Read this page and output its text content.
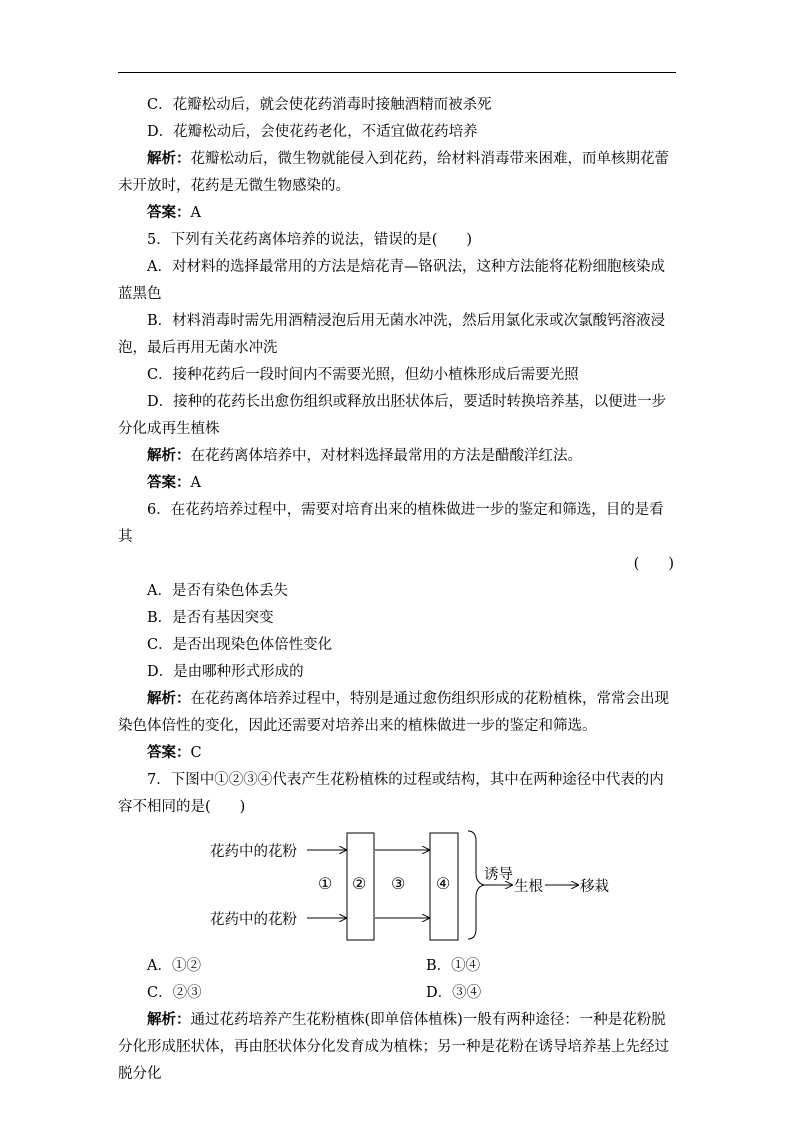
C．花瓣松动后，就会使花药消毒时接触酒精而被杀死

D．花瓣松动后，会使花药老化，不适宜做花药培养

解析：花瓣松动后，微生物就能侵入到花药，给材料消毒带来困难，而单核期花蕾未开放时，花药是无微生物感染的。

答案：A

5．下列有关花药离体培养的说法，错误的是(　　)

A．对材料的选择最常用的方法是焙花青—铬矾法，这种方法能将花粉细胞核染成蓝黑色

B．材料消毒时需先用酒精浸泡后用无菌水冲洗，然后用氯化汞或次氯酸钙溶液浸泡，最后再用无菌水冲洗

C．接种花药后一段时间内不需要光照，但幼小植株形成后需要光照

D．接种的花药长出愈伤组织或释放出胚状体后，要适时转换培养基，以便进一步分化成再生植株

解析：在花药离体培养中，对材料选择最常用的方法是醋酸洋红法。

答案：A

6．在花药培养过程中，需要对培育出来的植株做进一步的鉴定和筛选，目的是看其

(　　)

A．是否有染色体丢失

B．是否有基因突变

C．是否出现染色体倍性变化

D．是由哪种形式形成的

解析：在花药离体培养过程中，特别是通过愈伤组织形成的花粉植株，常常会出现染色体倍性的变化，因此还需要对培养出来的植株做进一步的鉴定和筛选。

答案：C

7．下图中①②③④代表产生花粉植株的过程或结构，其中在两种途径中代表的内容不相同的是(　　)

花药中的花粉
花药中的花粉
① ② ③ ④ 诱导
生根	移栽
A．①②	B．①④
C．②③	D．③④

解析：通过花药培养产生花粉植株(即单倍体植株)一般有两种途径：一种是花粉脱分化形成胚状体，再由胚状体分化发育成为植株；另一种是花粉在诱导培养基上先经过脱分化
